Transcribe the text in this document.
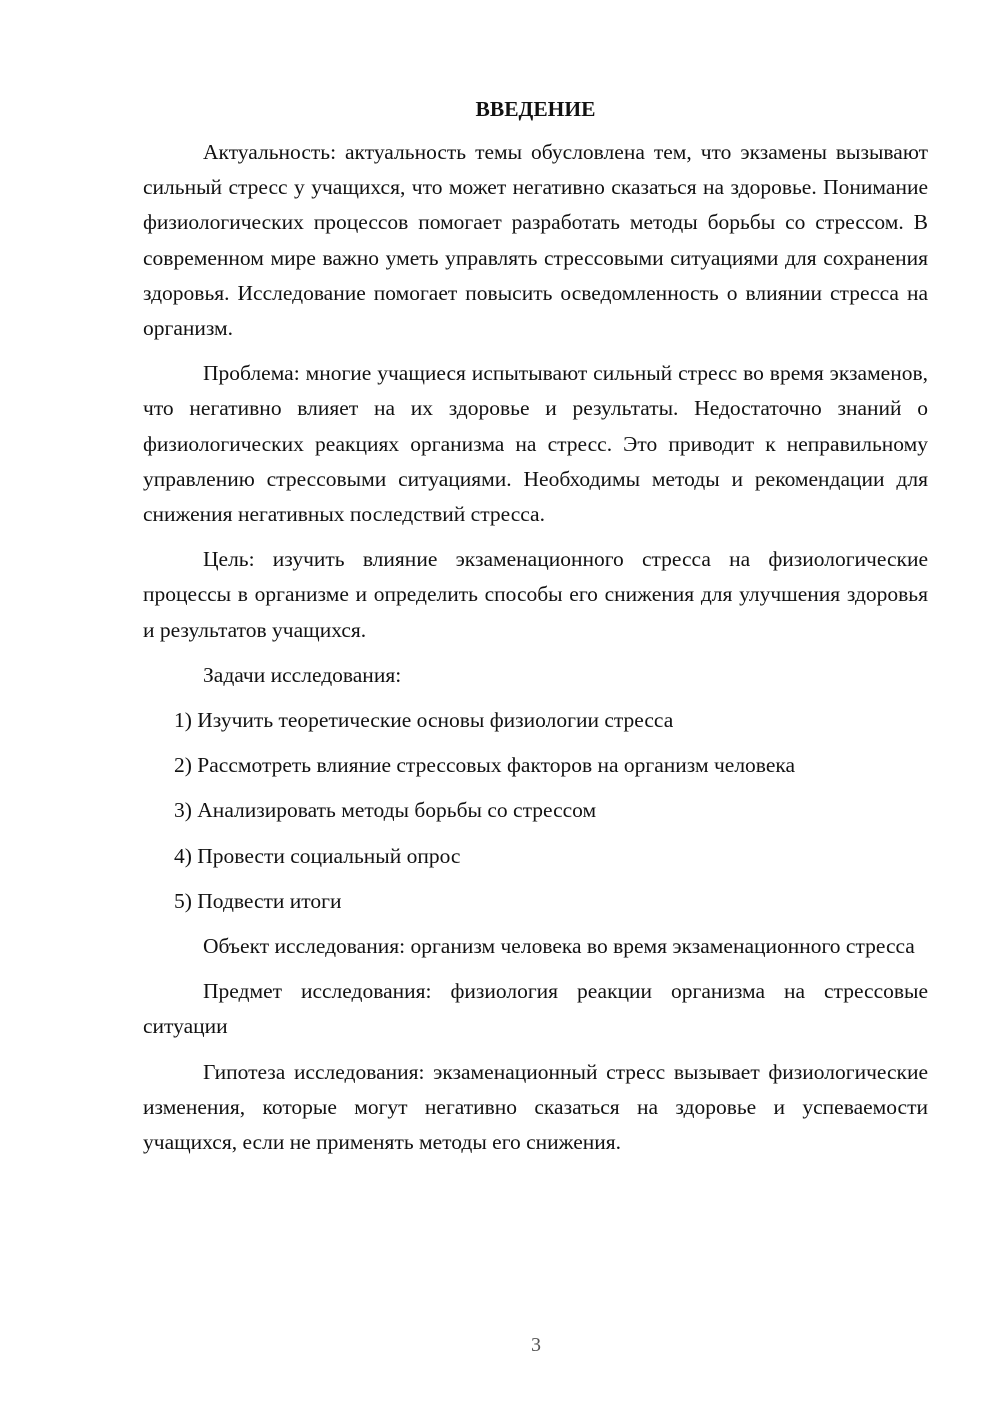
ВВЕДЕНИЕ

Актуальность: актуальность темы обусловлена тем, что экзамены вызывают сильный стресс у учащихся, что может негативно сказаться на здоровье. Понимание физиологических процессов помогает разработать методы борьбы со стрессом. В современном мире важно уметь управлять стрессовыми ситуациями для сохранения здоровья. Исследование помогает повысить осведомленность о влиянии стресса на организм.

Проблема: многие учащиеся испытывают сильный стресс во время экзаменов, что негативно влияет на их здоровье и результаты. Недостаточно знаний о физиологических реакциях организма на стресс. Это приводит к неправильному управлению стрессовыми ситуациями. Необходимы методы и рекомендации для снижения негативных последствий стресса.

Цель: изучить влияние экзаменационного стресса на физиологические процессы в организме и определить способы его снижения для улучшения здоровья и результатов учащихся.

Задачи исследования:
1) Изучить теоретические основы физиологии стресса
2) Рассмотреть влияние стрессовых факторов на организм человека
3) Анализировать методы борьбы со стрессом
4) Провести социальный опрос
5) Подвести итоги

Объект исследования: организм человека во время экзаменационного стресса

Предмет исследования: физиология реакции организма на стрессовые ситуации

Гипотеза исследования: экзаменационный стресс вызывает физиологические изменения, которые могут негативно сказаться на здоровье и успеваемости учащихся, если не применять методы его снижения.

3
